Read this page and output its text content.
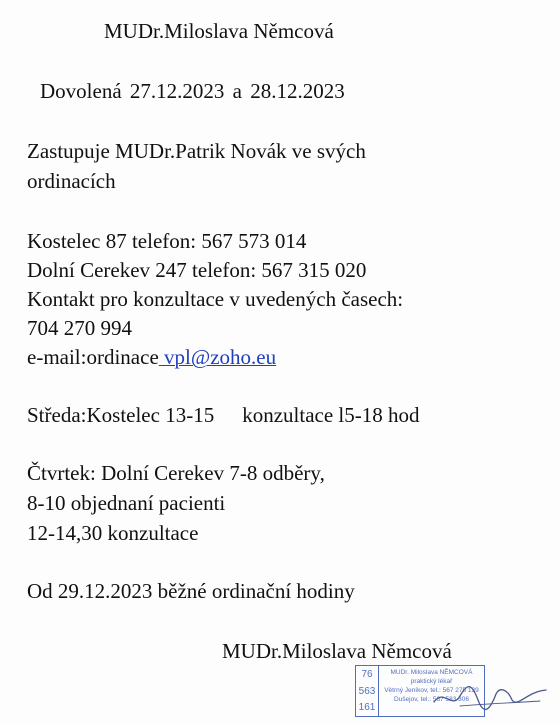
MUDr.Miloslava Němcová
Dovolená 27.12.2023 a 28.12.2023
Zastupuje MUDr.Patrik Novák ve svých
ordinacích
Kostelec 87 telefon: 567 573 014
Dolní Cerekev 247 telefon: 567 315 020
Kontakt pro konzultace v uvedených časech:
704 270 994
e-mail:ordinace vpl@zoho.eu
Středa:Kostelec 13-15 konzultace l5-18 hod
Čtvrtek: Dolní Cerekev 7-8 odběry,
8-10 objednaní pacienti
12-14,30 konzultace
Od 29.12.2023 běžné ordinační hodiny
MUDr.Miloslava Němcová
76
563
161
MUDr. Miloslava NĚMCOVÁ
praktický lékař
Větrný Jeníkov, tel.: 567 275 139
Dušejov, tel.: 567 583 306
